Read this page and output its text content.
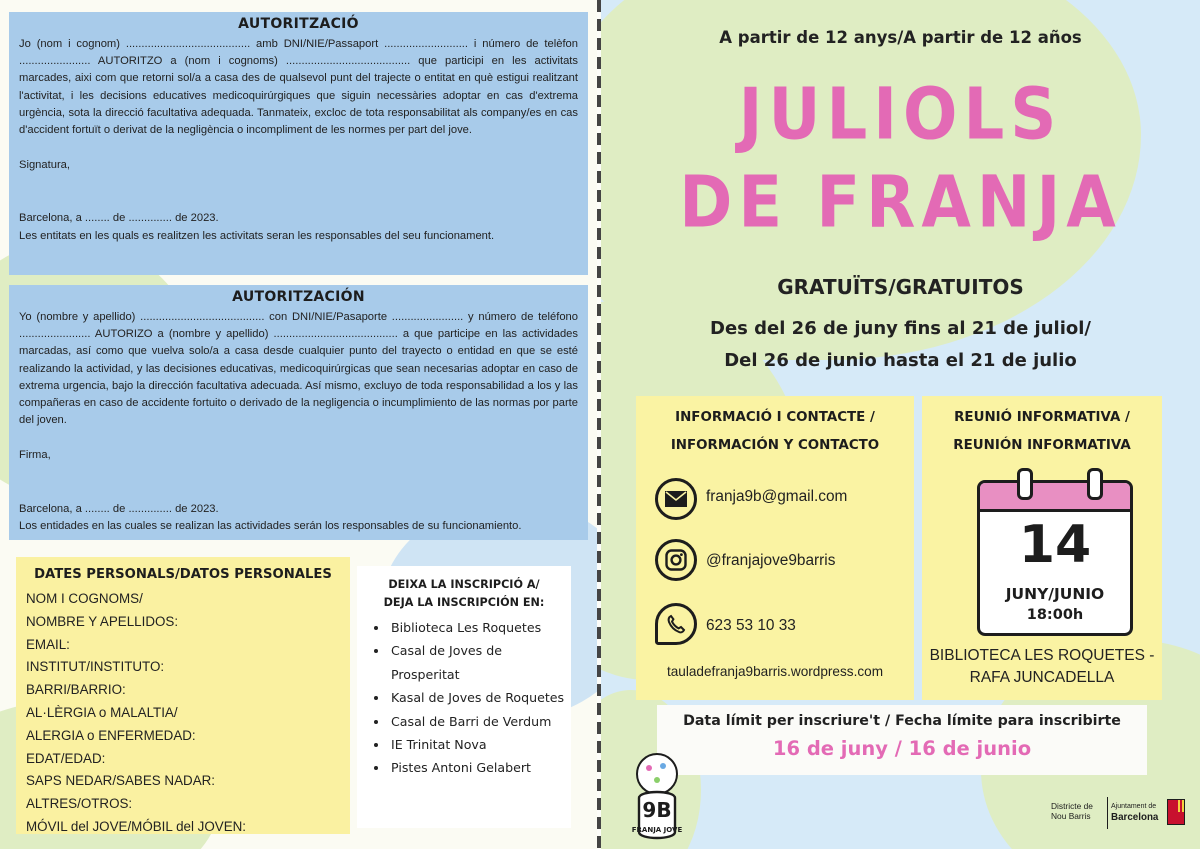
AUTORITZACIÓ

Jo (nom i cognom) ........................................ amb DNI/NIE/Passaport ........................... i número de telèfon ....................... AUTORITZO a (nom i cognoms) ........................................ que participi en les activitats marcades, aixi com que retorni sol/a a casa des de qualsevol punt del trajecte o entitat en què estigui realitzant l'activitat, i les decisions educatives medicoquirúrgiques que siguin necessàries adoptar en cas d'extrema urgència, sota la direcció facultativa adequada. Tanmateix, excloc de tota responsabilitat als company/es en cas d'accident fortuït o derivat de la negligència o incompliment de les normes per part del jove.

Signatura,

Barcelona, a ........ de .............. de 2023.

Les entitats en les quals es realitzen les activitats seran les responsables del seu funcionament.

AUTORITZACIÓN

Yo (nombre y apellido) ........................................ con DNI/NIE/Pasaporte ....................... y número de teléfono ....................... AUTORIZO a (nombre y apellido) ........................................ a que participe en las actividades marcadas, así como que vuelva solo/a a casa desde cualquier punto del trayecto o entidad en que se esté realizando la actividad, y las decisiones educativas, medicoquirúrgicas que sean necesarias adoptar en caso de extrema urgencia, bajo la dirección facultativa adecuada. Así mismo, excluyo de toda responsabilidad a los y las compañeras en caso de accidente fortuito o derivado de la negligencia o incumplimiento de las normas por parte del joven.

Firma,

Barcelona, a ........ de .............. de 2023.

Los entidades en las cuales se realizan las actividades serán los responsables de su funcionamiento.

DATES PERSONALS/DATOS PERSONALES
NOM I COGNOMS/
NOMBRE Y APELLIDOS:
EMAIL:
INSTITUT/INSTITUTO:
BARRI/BARRIO:
AL·LÈRGIA o MALALTIA/
ALERGIA o ENFERMEDAD:
EDAT/EDAD:
SAPS NEDAR/SABES NADAR:
ALTRES/OTROS:
MÓVIL del JOVE/MÓBIL del JOVEN:
DEIXA LA INSCRIPCIÓ A/
DEJA LA INSCRIPCIÓN EN:
• Biblioteca Les Roquetes
• Casal de Joves de Prosperitat
• Kasal de Joves de Roquetes
• Casal de Barri de Verdum
• IE Trinitat Nova
• Pistes Antoni Gelabert
A partir de 12 anys/A partir de 12 años
JULIOLS
DE FRANJA
GRATUÏTS/GRATUITOS
Des del 26 de juny fins al 21 de juliol/
Del 26 de junio hasta el 21 de julio
INFORMACIÓ I CONTACTE /
INFORMACIÓN Y CONTACTO
franja9b@gmail.com
@franjajove9barris
623 53 10 33
tauladefranja9barris.wordpress.com
REUNIÓ INFORMATIVA /
REUNIÓN INFORMATIVA
14
JUNY/JUNIO
18:00h
BIBLIOTECA LES ROQUETES -
RAFA JUNCADELLA
Data límit per inscriure't / Fecha límite para inscribirte
16 de juny / 16 de junio
9B
FRANJA JOVE
Districte de
Nou Barris
Ajuntament de
Barcelona
